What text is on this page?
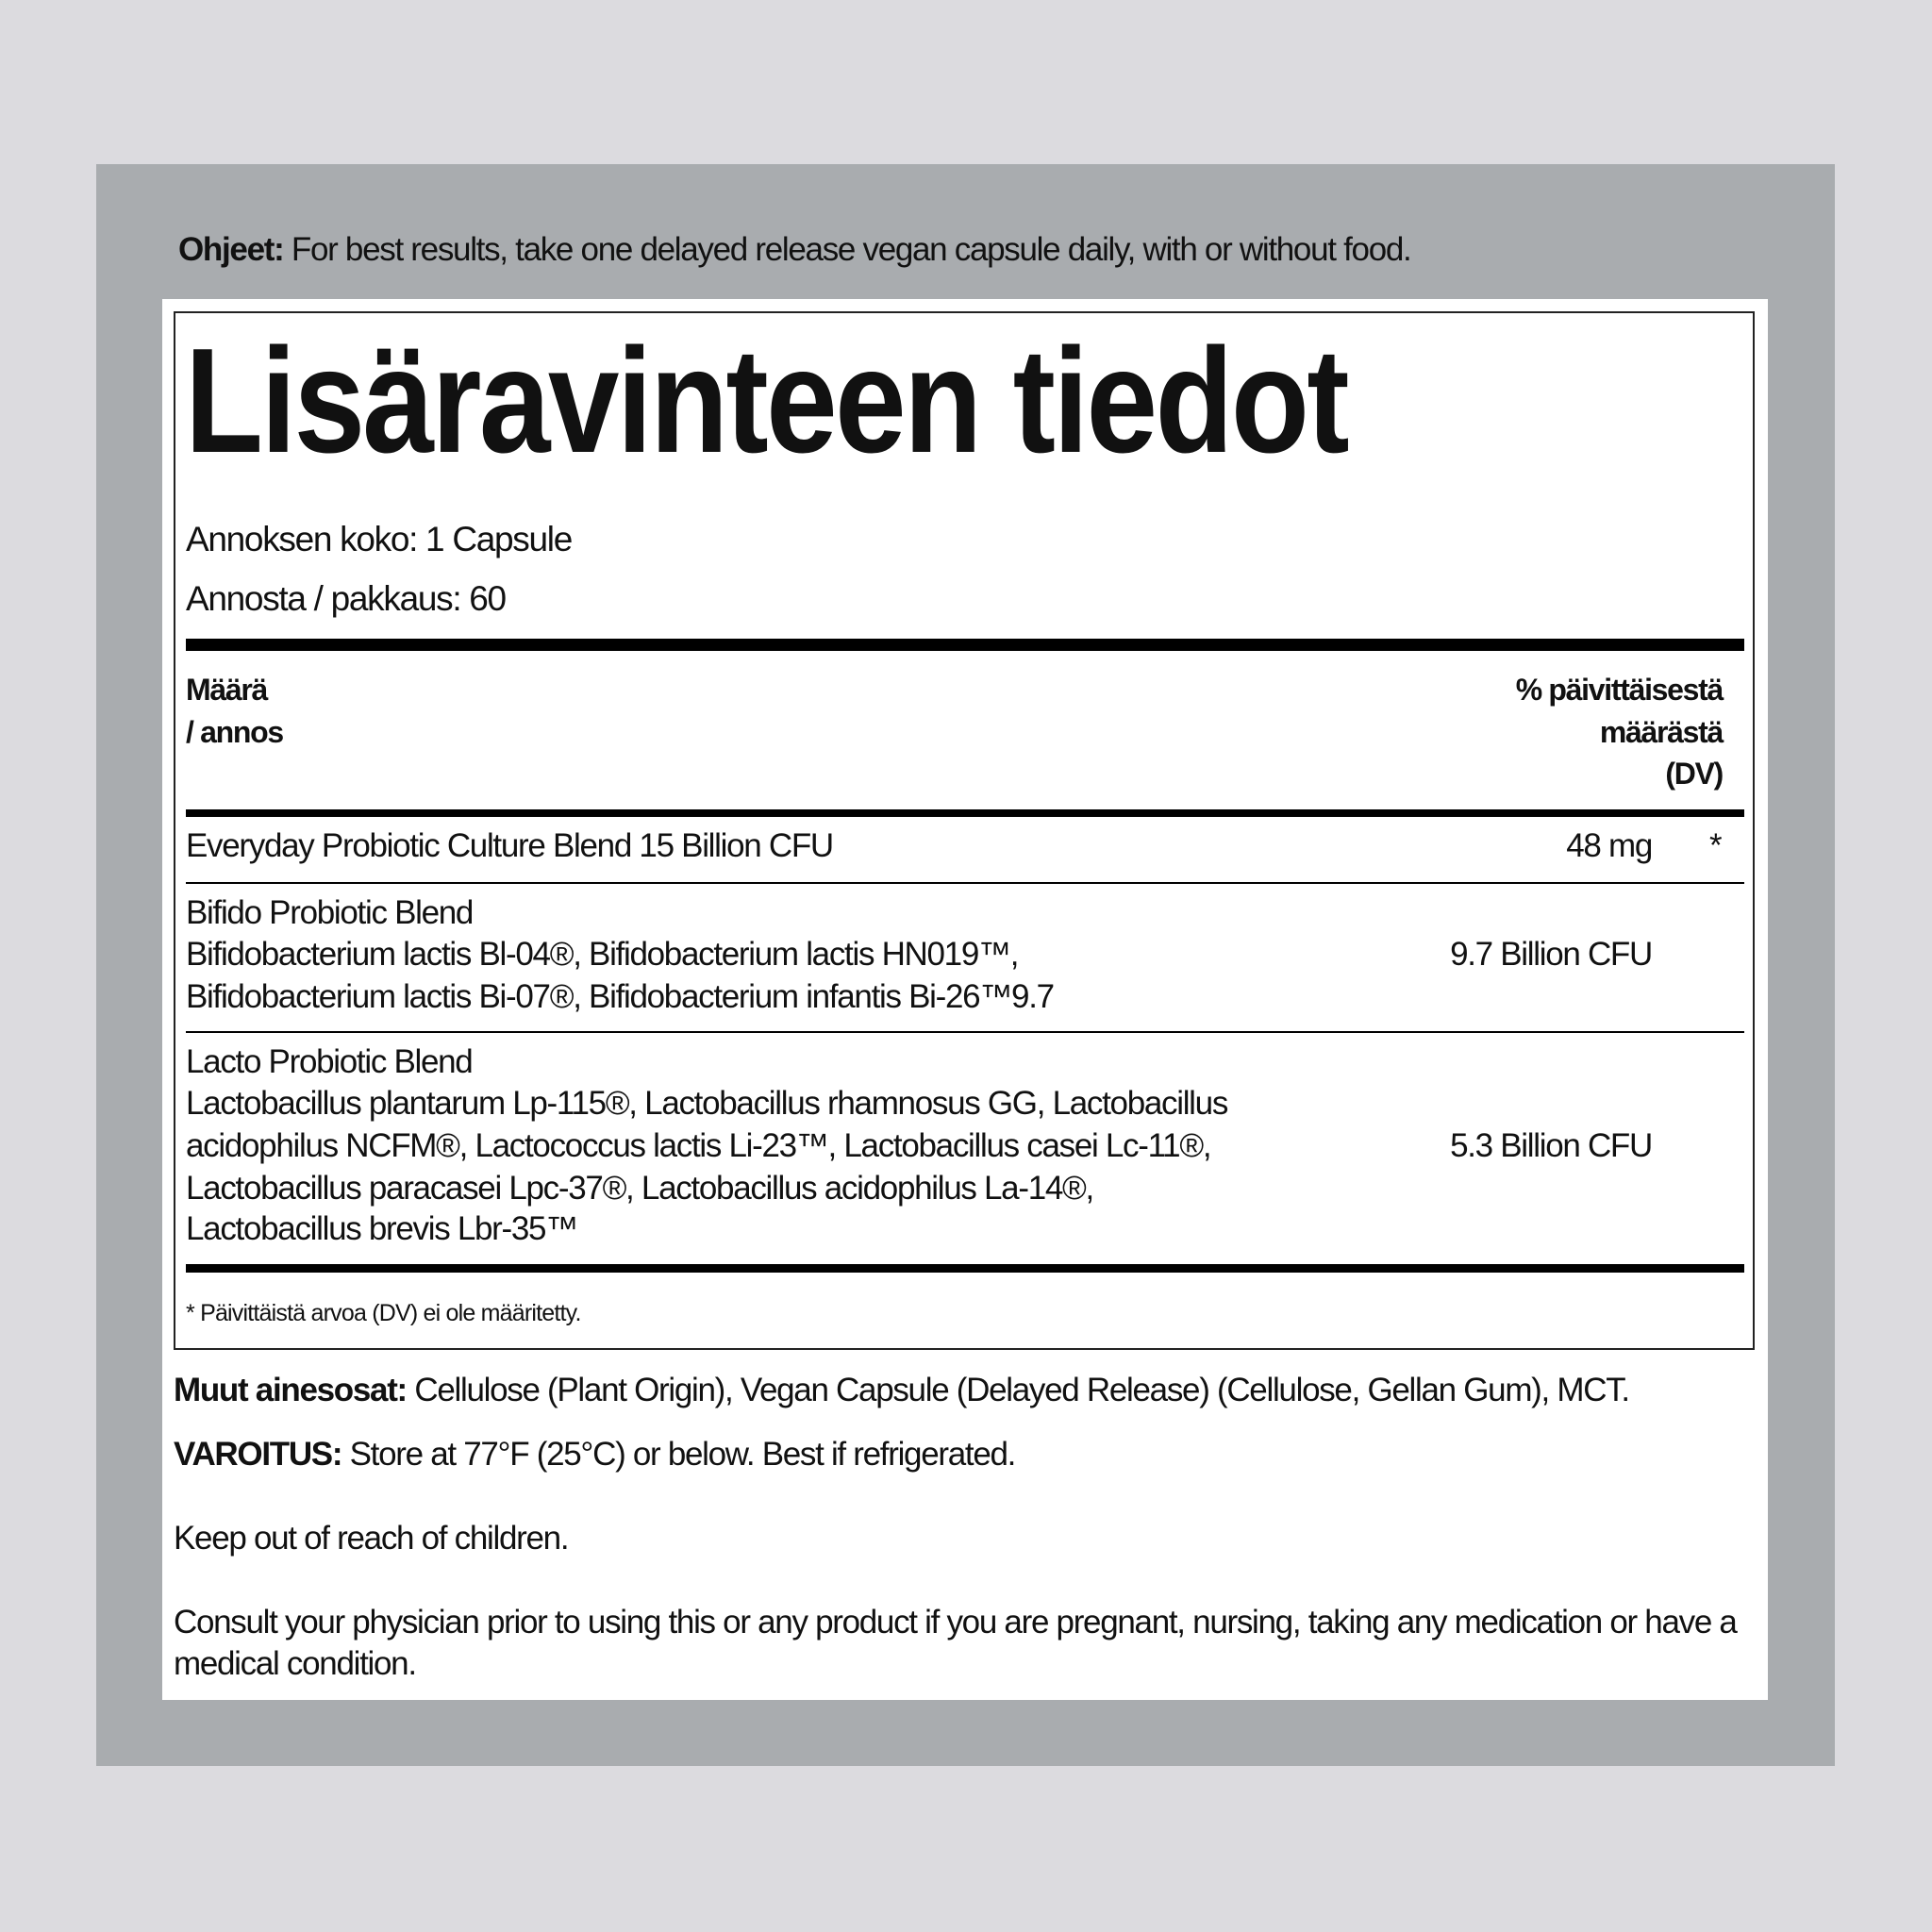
Ohjeet: For best results, take one delayed release vegan capsule daily, with or without food.
Lisäravinteen tiedot
Annoksen koko: 1 Capsule
Annosta / pakkaus: 60
Määrä
/ annos
% päivittäisestä
määrästä
(DV)
Everyday Probiotic Culture Blend 15 Billion CFU	48 mg *
Bifido Probiotic Blend
Bifidobacterium lactis Bl-04®, Bifidobacterium lactis HN019™,
Bifidobacterium lactis Bi-07®, Bifidobacterium infantis Bi-26™9.7
9.7 Billion CFU
Lacto Probiotic Blend
Lactobacillus plantarum Lp-115®, Lactobacillus rhamnosus GG, Lactobacillus
acidophilus NCFM®, Lactococcus lactis Li-23™, Lactobacillus casei Lc-11®,
Lactobacillus paracasei Lpc-37®, Lactobacillus acidophilus La-14®,
Lactobacillus brevis Lbr-35™
5.3 Billion CFU
* Päivittäistä arvoa (DV) ei ole määritetty.
Muut ainesosat: Cellulose (Plant Origin), Vegan Capsule (Delayed Release) (Cellulose, Gellan Gum), MCT.
VAROITUS: Store at 77°F (25°C) or below. Best if refrigerated.
Keep out of reach of children.
Consult your physician prior to using this or any product if you are pregnant, nursing, taking any medication or have a
medical condition.
